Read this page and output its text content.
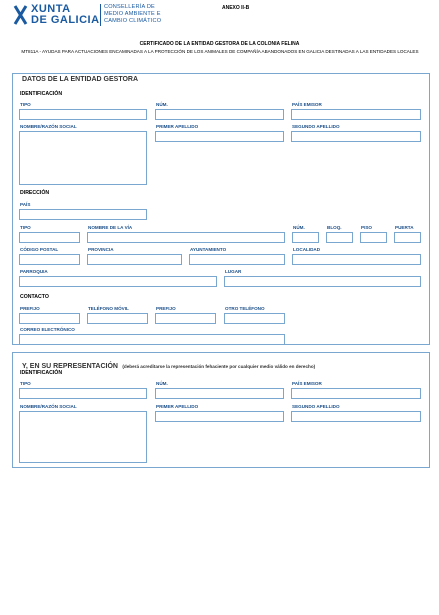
XUNTA
DE GALICIA
CONSELLERÍA DE
MEDIO AMBIENTE E
CAMBIO CLIMÁTICO
ANEXO II-B
CERTIFICADO DE LA ENTIDAD GESTORA DE LA COLONIA FELINA
MT811A - AYUDAS PARA ACTUACIONES ENCAMINADAS A LA PROTECCIÓN DE LOS ANIMALES DE COMPAÑÍA ABANDONADOS EN GALICIA DESTINADAS A LAS ENTIDADES LOCALES
DATOS DE LA ENTIDAD GESTORA
IDENTIFICACIÓN
TIPO	NÚM.	PAÍS EMISOR
NOMBRE/RAZÓN SOCIAL	PRIMER APELLIDO	SEGUNDO APELLIDO
DIRECCIÓN
PAÍS
TIPO	NOMBRE DE LA VÍA	NÚM.	BLOQ.	PISO	PUERTA
CÓDIGO POSTAL	PROVINCIA	AYUNTAMIENTO	LOCALIDAD
PARROQUIA	LUGAR
CONTACTO
PREFIJO	TELÉFONO MÓVIL	PREFIJO	OTRO TELÉFONO
CORREO ELECTRÓNICO
Y, EN SU REPRESENTACIÓN (deberá acreditarse la representación fehaciente por cualquier medio válido en derecho)
IDENTIFICACIÓN
TIPO	NÚM.	PAÍS EMISOR
NOMBRE/RAZÓN SOCIAL	PRIMER APELLIDO	SEGUNDO APELLIDO
